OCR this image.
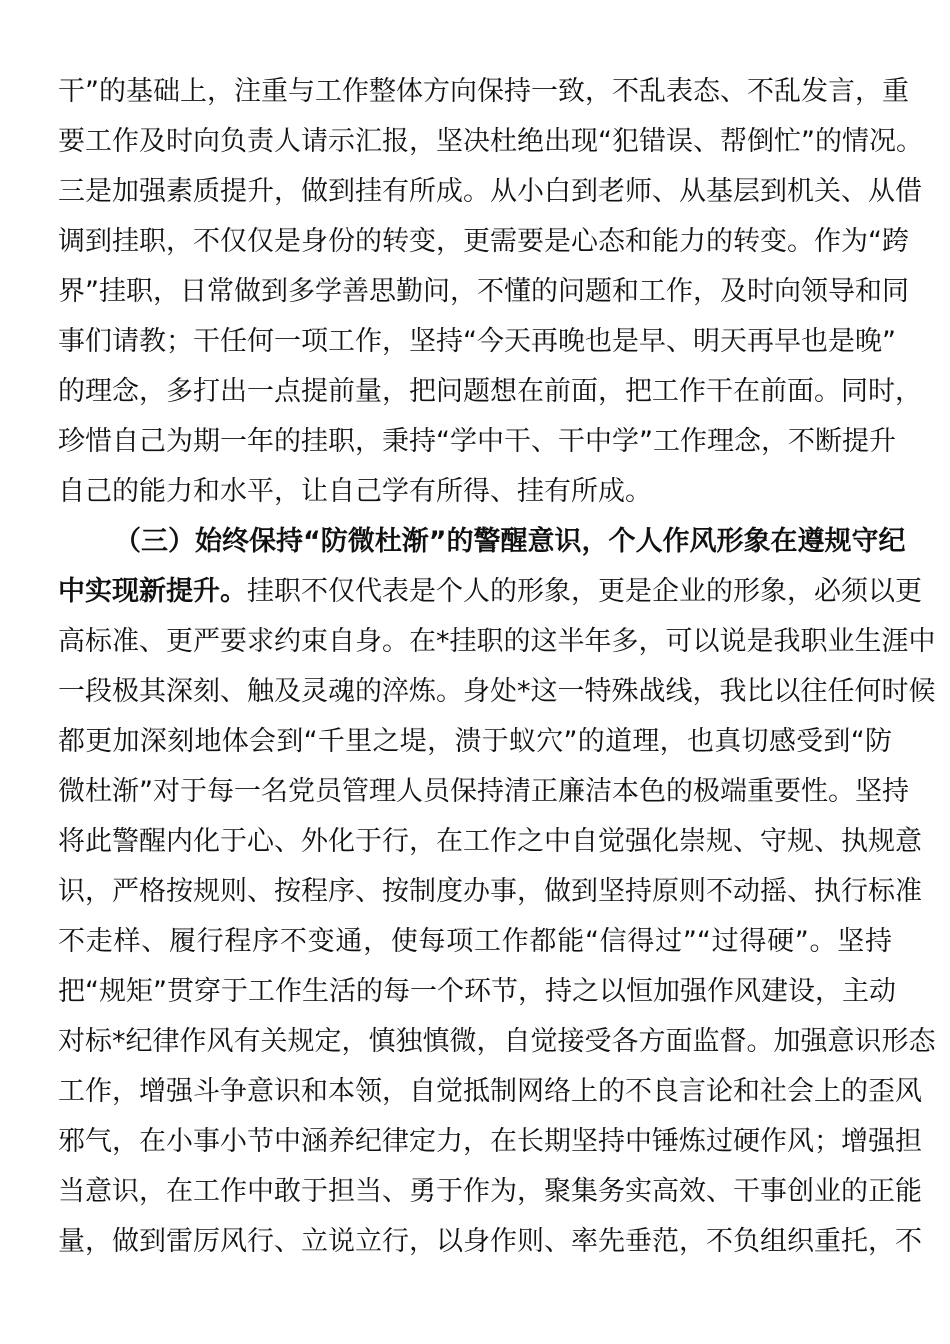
干”的基础上，注重与工作整体方向保持一致，不乱表态、不乱发言，重
要工作及时向负责人请示汇报，坚决杜绝出现“犯错误、帮倒忙”的情况。
三是加强素质提升，做到挂有所成。从小白到老师、从基层到机关、从借
调到挂职，不仅仅是身份的转变，更需要是心态和能力的转变。作为“跨
界”挂职，日常做到多学善思勤问，不懂的问题和工作，及时向领导和同
事们请教；干任何一项工作，坚持“今天再晚也是早、明天再早也是晚”
的理念，多打出一点提前量，把问题想在前面，把工作干在前面。同时，
珍惜自己为期一年的挂职，秉持“学中干、干中学”工作理念，不断提升
自己的能力和水平，让自己学有所得、挂有所成。
（三）始终保持“防微杜渐”的警醒意识，个人作风形象在遵规守纪
中实现新提升。挂职不仅代表是个人的形象，更是企业的形象，必须以更
高标准、更严要求约束自身。在*挂职的这半年多，可以说是我职业生涯中
一段极其深刻、触及灵魂的淬炼。身处*这一特殊战线，我比以往任何时候
都更加深刻地体会到“千里之堤，溃于蚁穴”的道理，也真切感受到“防
微杜渐”对于每一名党员管理人员保持清正廉洁本色的极端重要性。坚持
将此警醒内化于心、外化于行，在工作之中自觉强化崇规、守规、执规意
识，严格按规则、按程序、按制度办事，做到坚持原则不动摇、执行标准
不走样、履行程序不变通，使每项工作都能“信得过”“过得硬”。坚持
把“规矩”贯穿于工作生活的每一个环节，持之以恒加强作风建设，主动
对标*纪律作风有关规定，慎独慎微，自觉接受各方面监督。加强意识形态
工作，增强斗争意识和本领，自觉抵制网络上的不良言论和社会上的歪风
邪气，在小事小节中涵养纪律定力，在长期坚持中锤炼过硬作风；增强担
当意识，在工作中敢于担当、勇于作为，聚集务实高效、干事创业的正能
量，做到雷厉风行、立说立行，以身作则、率先垂范，不负组织重托，不
